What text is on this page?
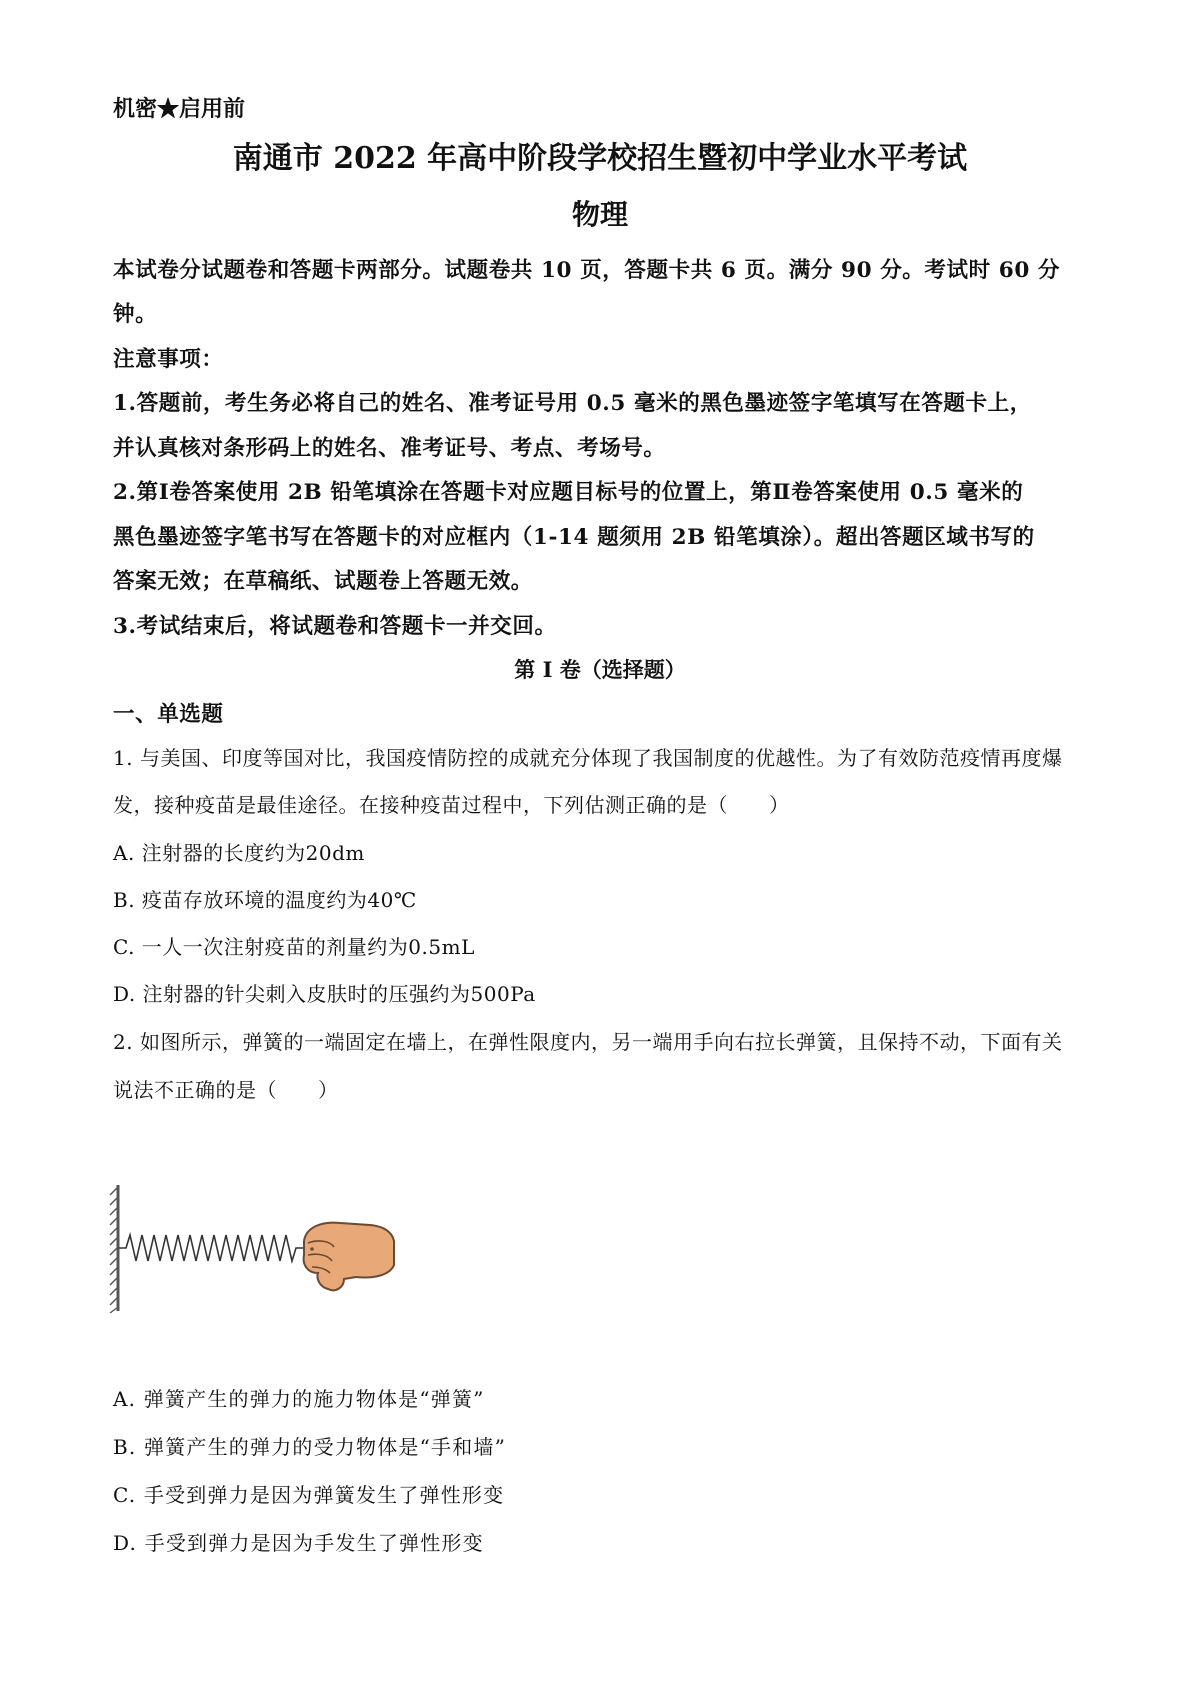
机密★启用前
南通市 2022 年高中阶段学校招生暨初中学业水平考试
物理
本试卷分试题卷和答题卡两部分。试题卷共 10 页，答题卡共 6 页。满分 90 分。考试时 60 分
钟。
注意事项：
1.答题前，考生务必将自己的姓名、准考证号用 0.5 毫米的黑色墨迹签字笔填写在答题卡上，
并认真核对条形码上的姓名、准考证号、考点、考场号。
2.第Ⅰ卷答案使用 2B 铅笔填涂在答题卡对应题目标号的位置上，第Ⅱ卷答案使用 0.5 毫米的
黑色墨迹签字笔书写在答题卡的对应框内（1-14 题须用 2B 铅笔填涂）。超出答题区域书写的
答案无效；在草稿纸、试题卷上答题无效。
3.考试结束后，将试题卷和答题卡一并交回。
第 I 卷（选择题）
一、单选题
1. 与美国、印度等国对比，我国疫情防控的成就充分体现了我国制度的优越性。为了有效防范疫情再度爆
发，接种疫苗是最佳途径。在接种疫苗过程中，下列估测正确的是（　　）
A. 注射器的长度约为20dm
B. 疫苗存放环境的温度约为40℃
C. 一人一次注射疫苗的剂量约为0.5mL
D. 注射器的针尖刺入皮肤时的压强约为500Pa
2. 如图所示，弹簧的一端固定在墙上，在弹性限度内，另一端用手向右拉长弹簧，且保持不动，下面有关
说法不正确的是（　　）
A. 弹簧产生的弹力的施力物体是“弹簧”
B. 弹簧产生的弹力的受力物体是“手和墙”
C. 手受到弹力是因为弹簧发生了弹性形变
D. 手受到弹力是因为手发生了弹性形变
